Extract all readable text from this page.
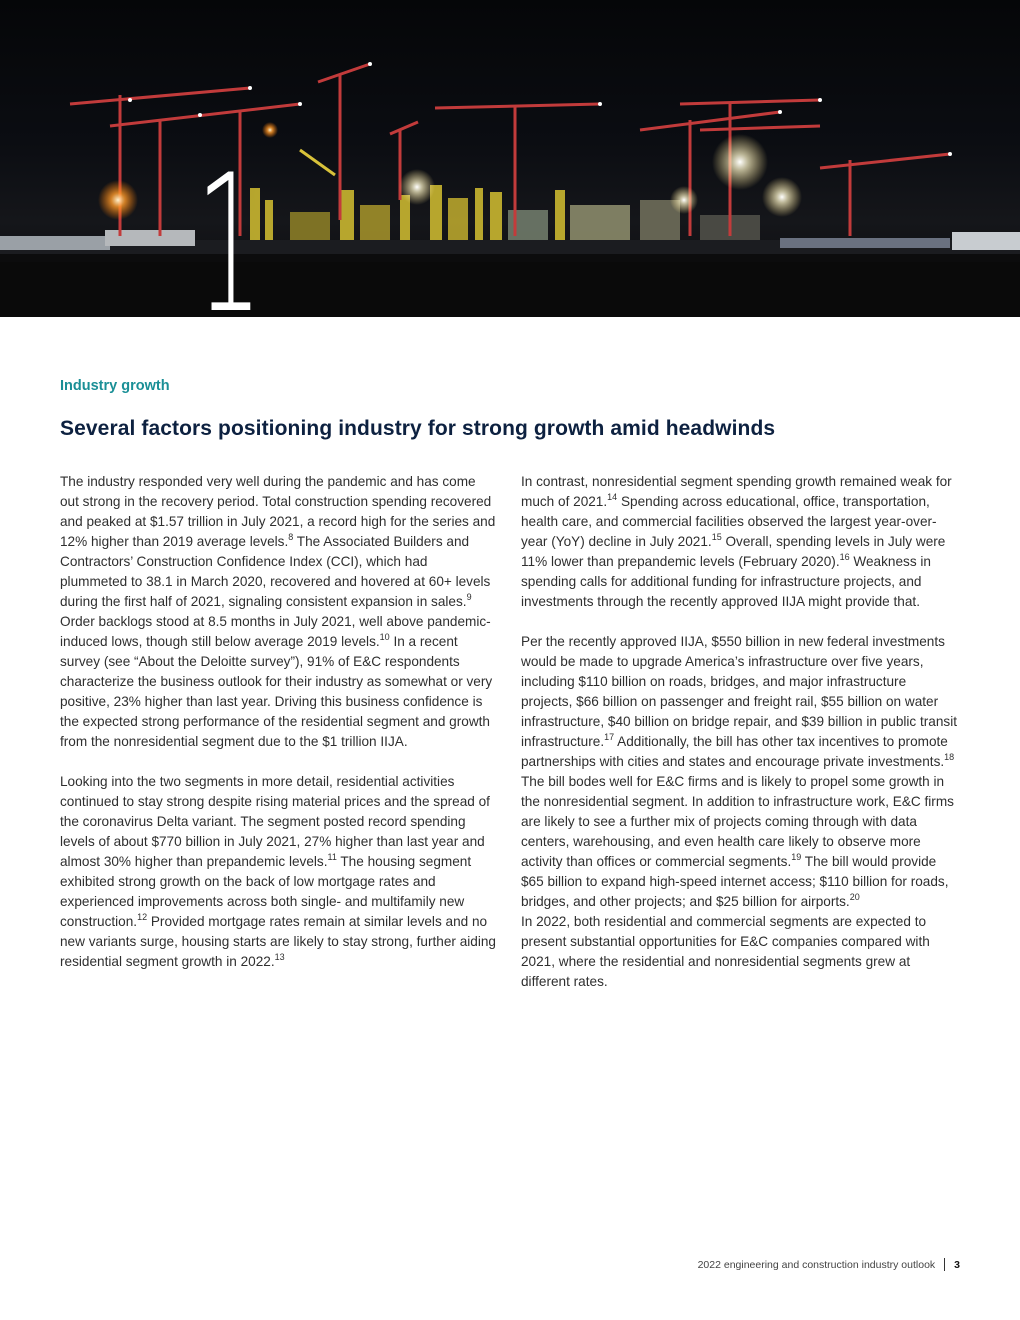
1
Industry growth
Several factors positioning industry for strong growth amid headwinds

The industry responded very well during the pandemic and has come out strong in the recovery period. Total construction spending recovered and peaked at $1.57 trillion in July 2021, a record high for the series and 12% higher than 2019 average levels.$^8$ The Associated Builders and Contractors’ Construction Confidence Index (CCI), which had plummeted to 38.1 in March 2020, recovered and hovered at 60+ levels during the first half of 2021, signaling consistent expansion in sales.$^9$ Order backlogs stood at 8.5 months in July 2021, well above pandemic-induced lows, though still below average 2019 levels.$^{10}$ In a recent survey (see “About the Deloitte survey”), 91% of E&C respondents characterize the business outlook for their industry as somewhat or very positive, 23% higher than last year. Driving this business confidence is the expected strong performance of the residential segment and growth from the nonresidential segment due to the $1 trillion IIJA.

Looking into the two segments in more detail, residential activities continued to stay strong despite rising material prices and the spread of the coronavirus Delta variant. The segment posted record spending levels of about $770 billion in July 2021, 27% higher than last year and almost 30% higher than prepandemic levels.$^{11}$ The housing segment exhibited strong growth on the back of low mortgage rates and experienced improvements across both single- and multifamily new construction.$^{12}$ Provided mortgage rates remain at similar levels and no new variants surge, housing starts are likely to stay strong, further aiding residential segment growth in 2022.13

In contrast, nonresidential segment spending growth remained weak for much of 2021.14 Spending across educational, office, transportation, health care, and commercial facilities observed the largest year-over-year (YoY) decline in July 2021.15 Overall, spending levels in July were 11% lower than prepandemic levels (February 2020).$^{16}$ Weakness in spending calls for additional funding for infrastructure projects, and investments through the recently approved IIJA might provide that.

Per the recently approved IIJA, $550 billion in new federal investments would be made to upgrade America’s infrastructure over five years, including $110 billion on roads, bridges, and major infrastructure projects, $66 billion on passenger and freight rail, $55 billion on water infrastructure, $40 billion on bridge repair, and $39 billion in public transit infrastructure.$^{17}$ Additionally, the bill has other tax incentives to promote partnerships with cities and states and encourage private investments.$^{18}$ The bill bodes well for E&C firms and is likely to propel some growth in the nonresidential segment. In addition to infrastructure work, E&C firms are likely to see a further mix of projects coming through with data centers, warehousing, and even health care likely to observe more activity than offices or commercial segments.$^{19}$ The bill would provide $65 billion to expand high-speed internet access; $110 billion for roads, bridges, and other projects; and $25 billion for airports.$^{20}$
In 2022, both residential and commercial segments are expected to present substantial opportunities for E&C companies compared with 2021, where the residential and nonresidential segments grew at different rates.

2022 engineering and construction industry outlook 3
